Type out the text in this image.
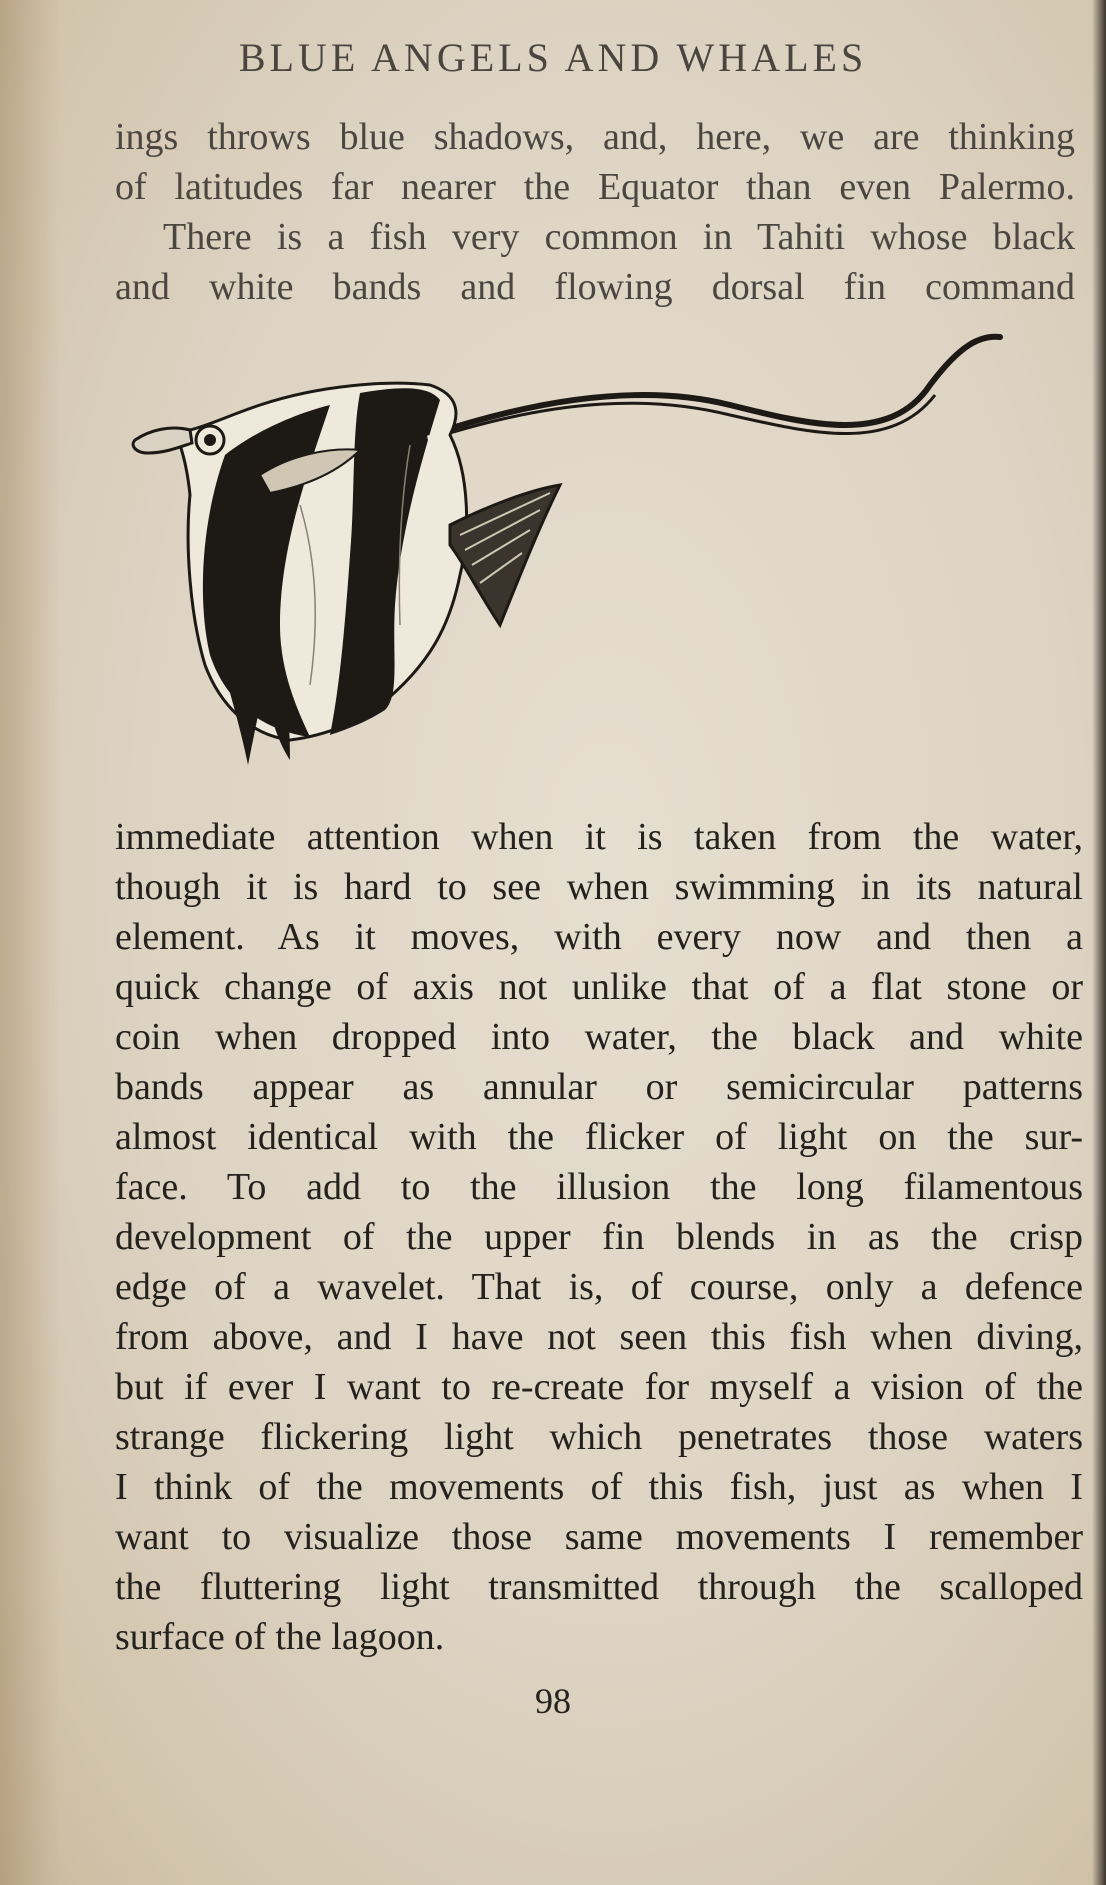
BLUE ANGELS AND WHALES
ings throws blue shadows, and, here, we are thinking
of latitudes far nearer the Equator than even Palermo.
There is a fish very common in Tahiti whose black
and white bands and flowing dorsal fin command
immediate attention when it is taken from the water,
though it is hard to see when swimming in its natural
element. As it moves, with every now and then a
quick change of axis not unlike that of a flat stone or
coin when dropped into water, the black and white
bands appear as annular or semicircular patterns
almost identical with the flicker of light on the sur-
face. To add to the illusion the long filamentous
development of the upper fin blends in as the crisp
edge of a wavelet. That is, of course, only a defence
from above, and I have not seen this fish when diving,
but if ever I want to re-create for myself a vision of the
strange flickering light which penetrates those waters
I think of the movements of this fish, just as when I
want to visualize those same movements I remember
the fluttering light transmitted through the scalloped
surface of the lagoon.
98
